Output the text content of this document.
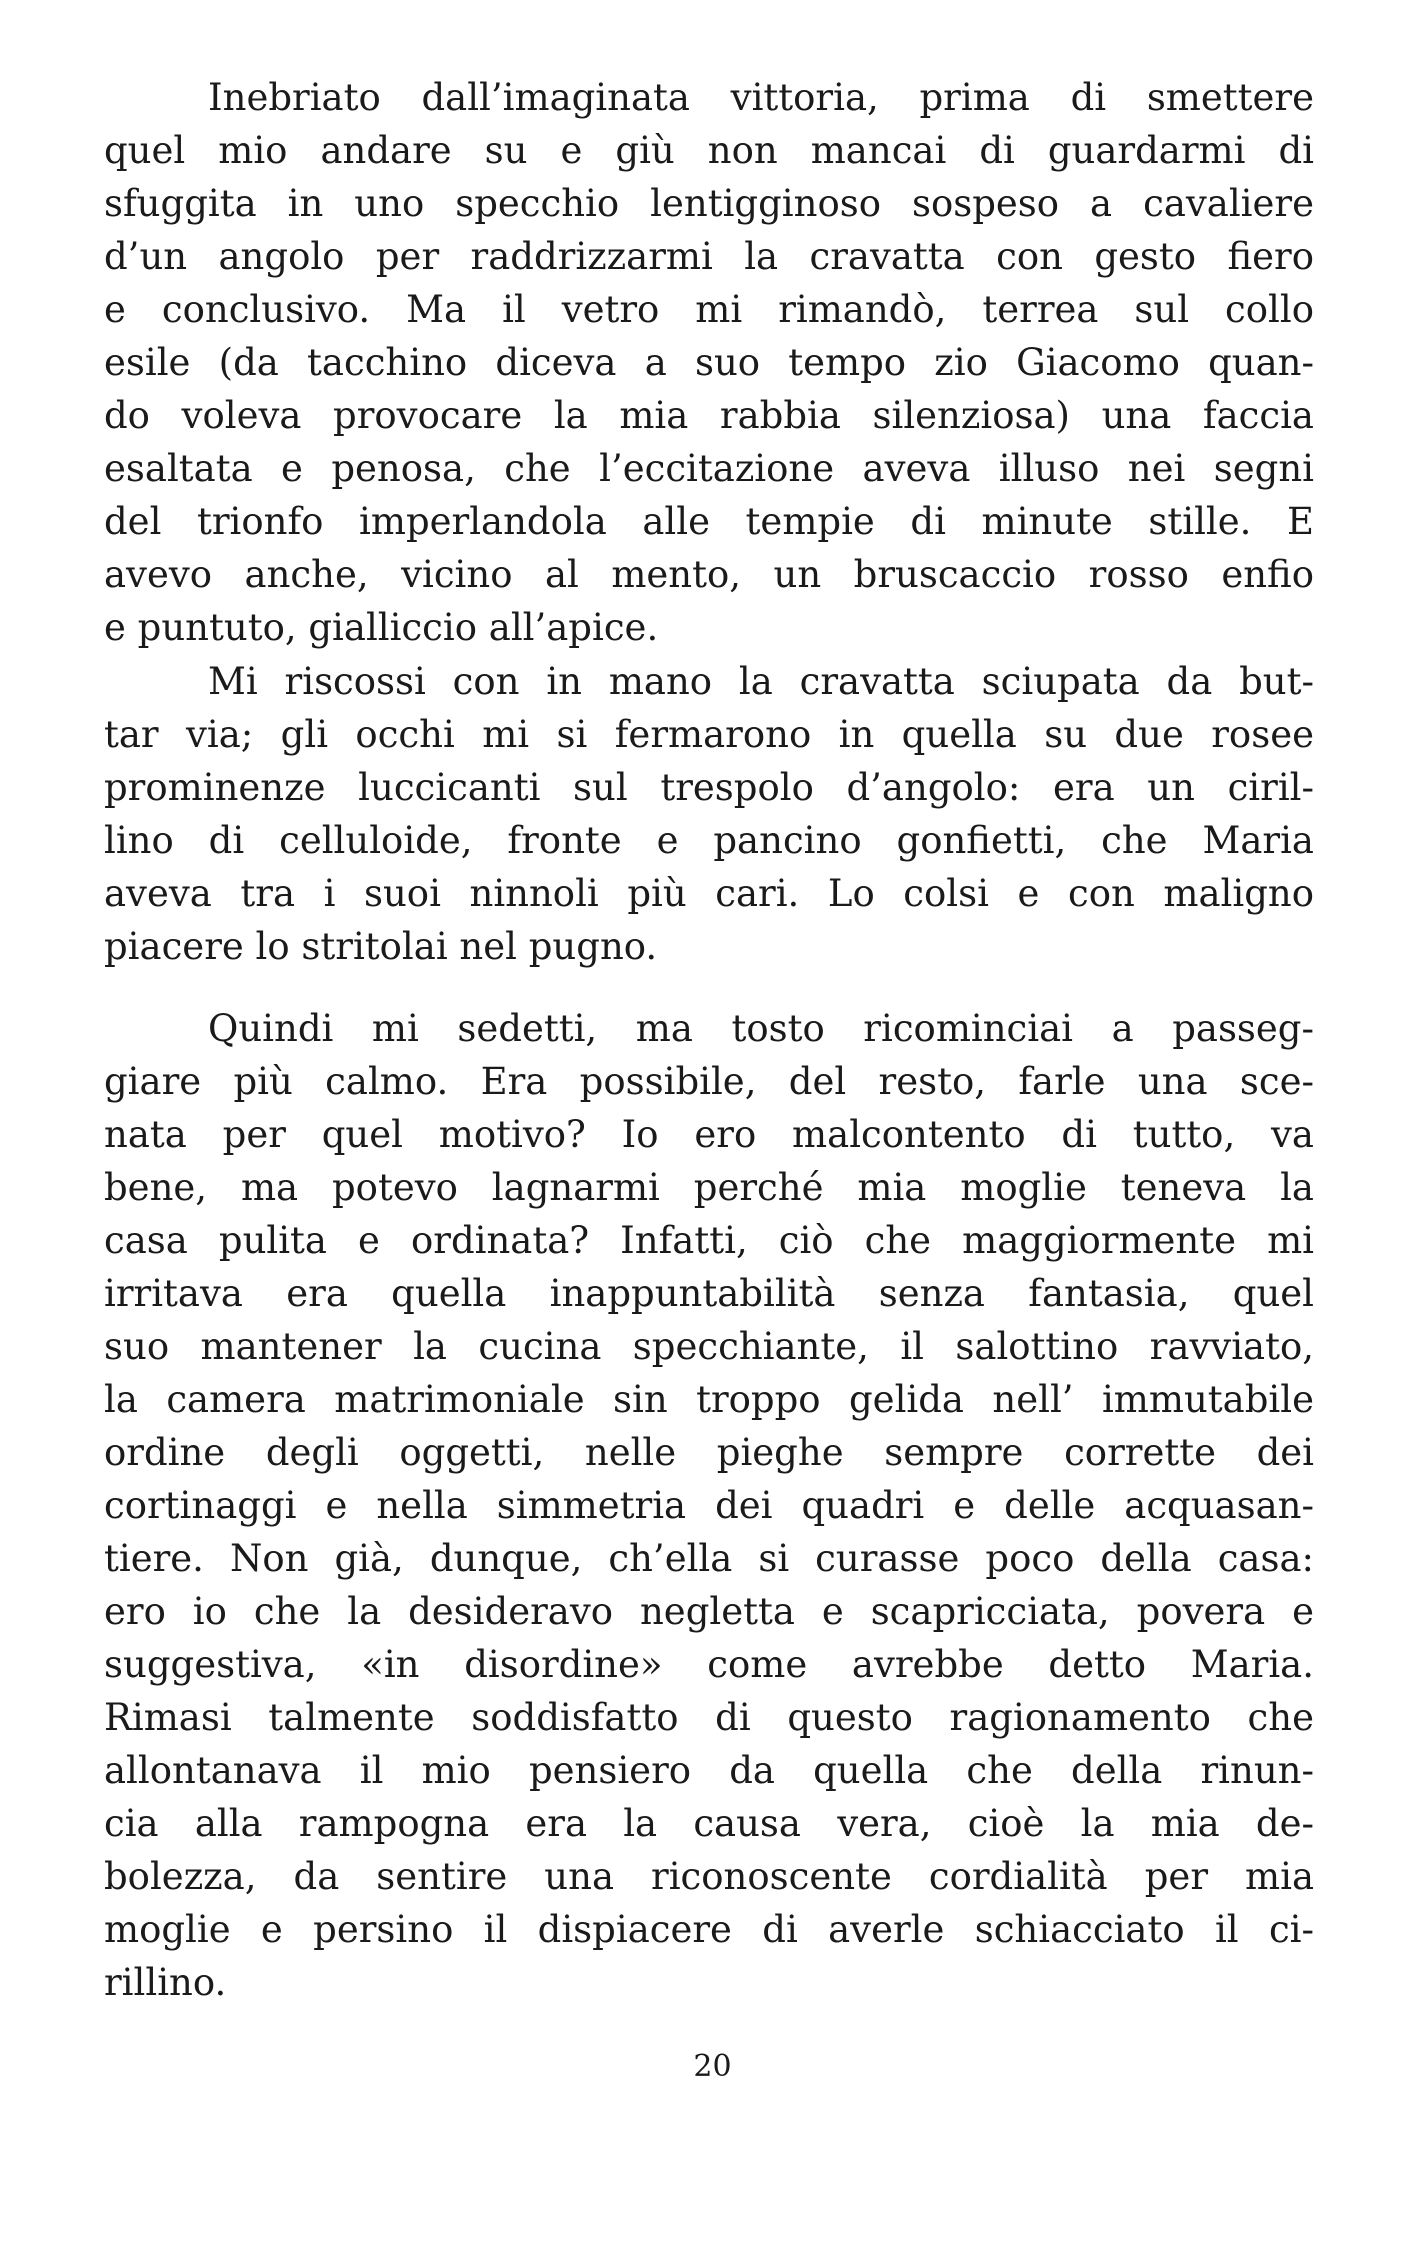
Inebriato dall’imaginata vittoria, prima di smettere
quel mio andare su e giù non mancai di guardarmi di
sfuggita in uno specchio lentigginoso sospeso a cavaliere
d’un angolo per raddrizzarmi la cravatta con gesto fiero
e conclusivo. Ma il vetro mi rimandò, terrea sul collo
esile (da tacchino diceva a suo tempo zio Giacomo quan-
do voleva provocare la mia rabbia silenziosa) una faccia
esaltata e penosa, che l’eccitazione aveva illuso nei segni
del trionfo imperlandola alle tempie di minute stille. E
avevo anche, vicino al mento, un bruscaccio rosso enfio
e puntuto, gialliccio all’apice.
Mi riscossi con in mano la cravatta sciupata da but-
tar via; gli occhi mi si fermarono in quella su due rosee
prominenze luccicanti sul trespolo d’angolo: era un ciril-
lino di celluloide, fronte e pancino gonfietti, che Maria
aveva tra i suoi ninnoli più cari. Lo colsi e con maligno
piacere lo stritolai nel pugno.
Quindi mi sedetti, ma tosto ricominciai a passeg-
giare più calmo. Era possibile, del resto, farle una sce-
nata per quel motivo? Io ero malcontento di tutto, va
bene, ma potevo lagnarmi perché mia moglie teneva la
casa pulita e ordinata? Infatti, ciò che maggiormente mi
irritava era quella inappuntabilità senza fantasia, quel
suo mantener la cucina specchiante, il salottino ravviato,
la camera matrimoniale sin troppo gelida nell’ immutabile
ordine degli oggetti, nelle pieghe sempre corrette dei
cortinaggi e nella simmetria dei quadri e delle acquasan-
tiere. Non già, dunque, ch’ella si curasse poco della casa:
ero io che la desideravo negletta e scapricciata, povera e
suggestiva, «in disordine» come avrebbe detto Maria.
Rimasi talmente soddisfatto di questo ragionamento che
allontanava il mio pensiero da quella che della rinun-
cia alla rampogna era la causa vera, cioè la mia de-
bolezza, da sentire una riconoscente cordialità per mia
moglie e persino il dispiacere di averle schiacciato il ci-
rillino.
20
